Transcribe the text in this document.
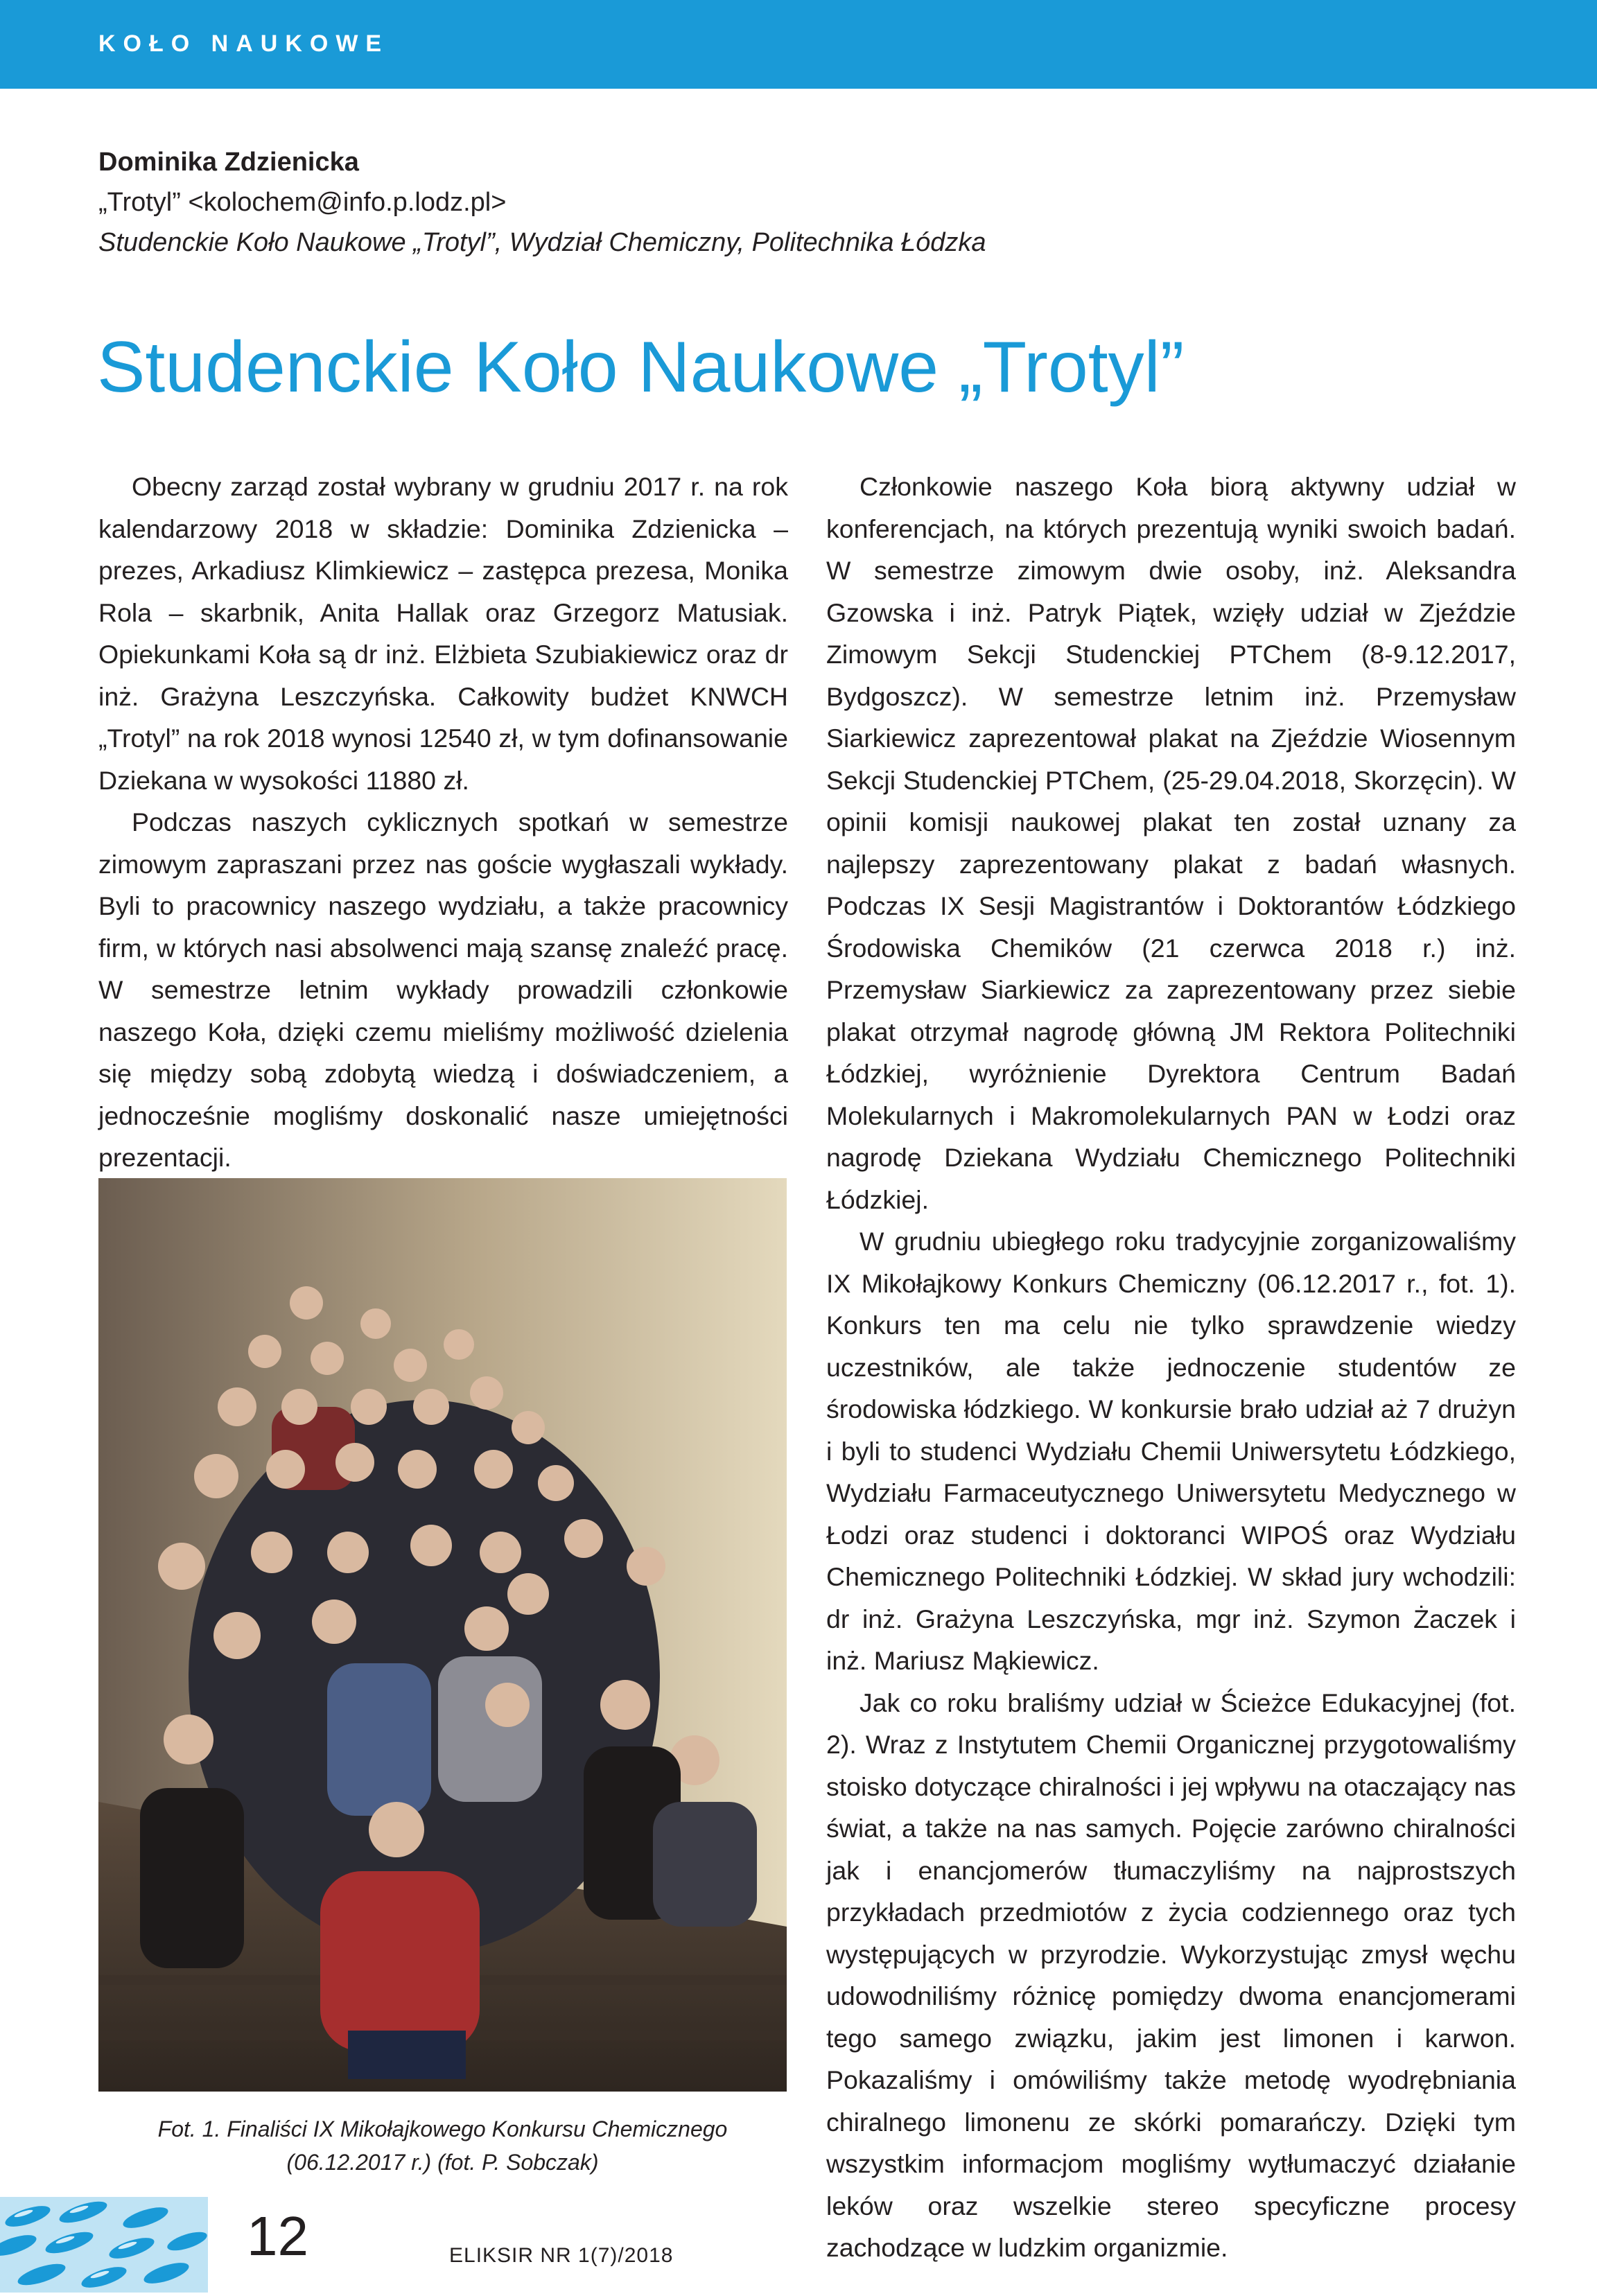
KOŁO NAUKOWE
Dominika Zdzienicka
„Trotyl” <kolochem@info.p.lodz.pl>
Studenckie Koło Naukowe „Trotyl”, Wydział Chemiczny, Politechnika Łódzka
Studenckie Koło Naukowe „Trotyl”

Obecny zarząd został wybrany w grudniu 2017 r. na rok kalendarzowy 2018 w składzie: Dominika Zdzienicka – prezes, Arkadiusz Klimkiewicz – zastępca prezesa, Monika Rola – skarbnik, Anita Hallak oraz Grzegorz Matusiak. Opiekunkami Koła są dr inż. Elżbieta Szubiakiewicz oraz dr inż. Grażyna Leszczyńska. Całkowity budżet KNWCH „Trotyl” na rok 2018 wynosi 12540 zł, w tym dofinansowanie Dziekana w wysokości 11880 zł.

Podczas naszych cyklicznych spotkań w semestrze zimowym zapraszani przez nas goście wygłaszali wykłady. Byli to pracownicy naszego wydziału, a także pracownicy firm, w których nasi absolwenci mają szansę znaleźć pracę. W semestrze letnim wykłady prowadzili członkowie naszego Koła, dzięki czemu mieliśmy możliwość dzielenia się między sobą zdobytą wiedzą i doświadczeniem, a jednocześnie mogliśmy doskonalić nasze umiejętności prezentacji.

Fot. 1. Finaliści IX Mikołajkowego Konkursu Chemicznego
(06.12.2017 r.) (fot. P. Sobczak)

Członkowie naszego Koła biorą aktywny udział w konferencjach, na których prezentują wyniki swoich badań. W semestrze zimowym dwie osoby, inż. Aleksandra Gzowska i inż. Patryk Piątek, wzięły udział w Zjeździe Zimowym Sekcji Studenckiej PTChem (8-9.12.2017, Bydgoszcz). W semestrze letnim inż. Przemysław Siarkiewicz zaprezentował plakat na Zjeździe Wiosennym Sekcji Studenckiej PTChem, (25-29.04.2018, Skorzęcin). W opinii komisji naukowej plakat ten został uznany za najlepszy zaprezentowany plakat z badań własnych. Podczas IX Sesji Magistrantów i Doktorantów Łódzkiego Środowiska Chemików (21 czerwca 2018 r.) inż. Przemysław Siarkiewicz za zaprezentowany przez siebie plakat otrzymał nagrodę główną JM Rektora Politechniki Łódzkiej, wyróżnienie Dyrektora Centrum Badań Molekularnych i Makromolekularnych PAN w Łodzi oraz nagrodę Dziekana Wydziału Chemicznego Politechniki Łódzkiej.

W grudniu ubiegłego roku tradycyjnie zorganizowaliśmy IX Mikołajkowy Konkurs Chemiczny (06.12.2017 r., fot. 1). Konkurs ten ma celu nie tylko sprawdzenie wiedzy uczestników, ale także jednoczenie studentów ze środowiska łódzkiego. W konkursie brało udział aż 7 drużyn i byli to studenci Wydziału Chemii Uniwersytetu Łódzkiego, Wydziału Farmaceutycznego Uniwersytetu Medycznego w Łodzi oraz studenci i doktoranci WIPOŚ oraz Wydziału Chemicznego Politechniki Łódzkiej. W skład jury wchodzili: dr inż. Grażyna Leszczyńska, mgr inż. Szymon Żaczek i inż. Mariusz Mąkiewicz.

Jak co roku braliśmy udział w Ścieżce Edukacyjnej (fot. 2). Wraz z Instytutem Chemii Organicznej przygotowaliśmy stoisko dotyczące chiralności i jej wpływu na otaczający nas świat, a także na nas samych. Pojęcie zarówno chiralności jak i enancjomerów tłumaczyliśmy na najprostszych przykładach przedmiotów z życia codziennego oraz tych występujących w przyrodzie. Wykorzystując zmysł węchu udowodniliśmy różnicę pomiędzy dwoma enancjomerami tego samego związku, jakim jest limonen i karwon. Pokazaliśmy i omówiliśmy także metodę wyodrębniania chiralnego limonenu ze skórki pomarańczy. Dzięki tym wszystkim informacjom mogliśmy wytłumaczyć działanie leków oraz wszelkie stereo specyficzne procesy zachodzące w ludzkim organizmie.

12	ELIKSIR NR 1(7)/2018
